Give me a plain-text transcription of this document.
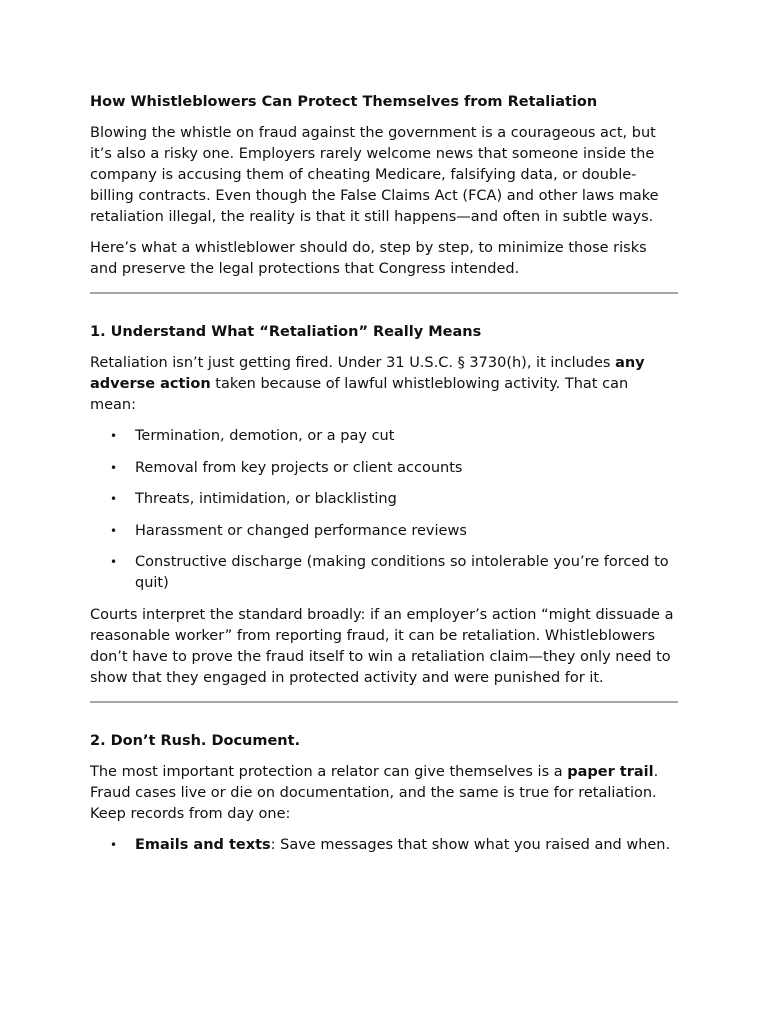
How Whistleblowers Can Protect Themselves from Retaliation

Blowing the whistle on fraud against the government is a courageous act, but it’s also a risky one. Employers rarely welcome news that someone inside the company is accusing them of cheating Medicare, falsifying data, or double-billing contracts. Even though the False Claims Act (FCA) and other laws make retaliation illegal, the reality is that it still happens—and often in subtle ways.

Here’s what a whistleblower should do, step by step, to minimize those risks and preserve the legal protections that Congress intended.

1. Understand What “Retaliation” Really Means

Retaliation isn’t just getting fired. Under 31 U.S.C. § 3730(h), it includes any adverse action taken because of lawful whistleblowing activity. That can mean:

• Termination, demotion, or a pay cut
• Removal from key projects or client accounts
• Threats, intimidation, or blacklisting
• Harassment or changed performance reviews
• Constructive discharge (making conditions so intolerable you’re forced to quit)

Courts interpret the standard broadly: if an employer’s action “might dissuade a reasonable worker” from reporting fraud, it can be retaliation. Whistleblowers don’t have to prove the fraud itself to win a retaliation claim—they only need to show that they engaged in protected activity and were punished for it.

2. Don’t Rush. Document.

The most important protection a relator can give themselves is a paper trail. Fraud cases live or die on documentation, and the same is true for retaliation. Keep records from day one:

• Emails and texts: Save messages that show what you raised and when.
